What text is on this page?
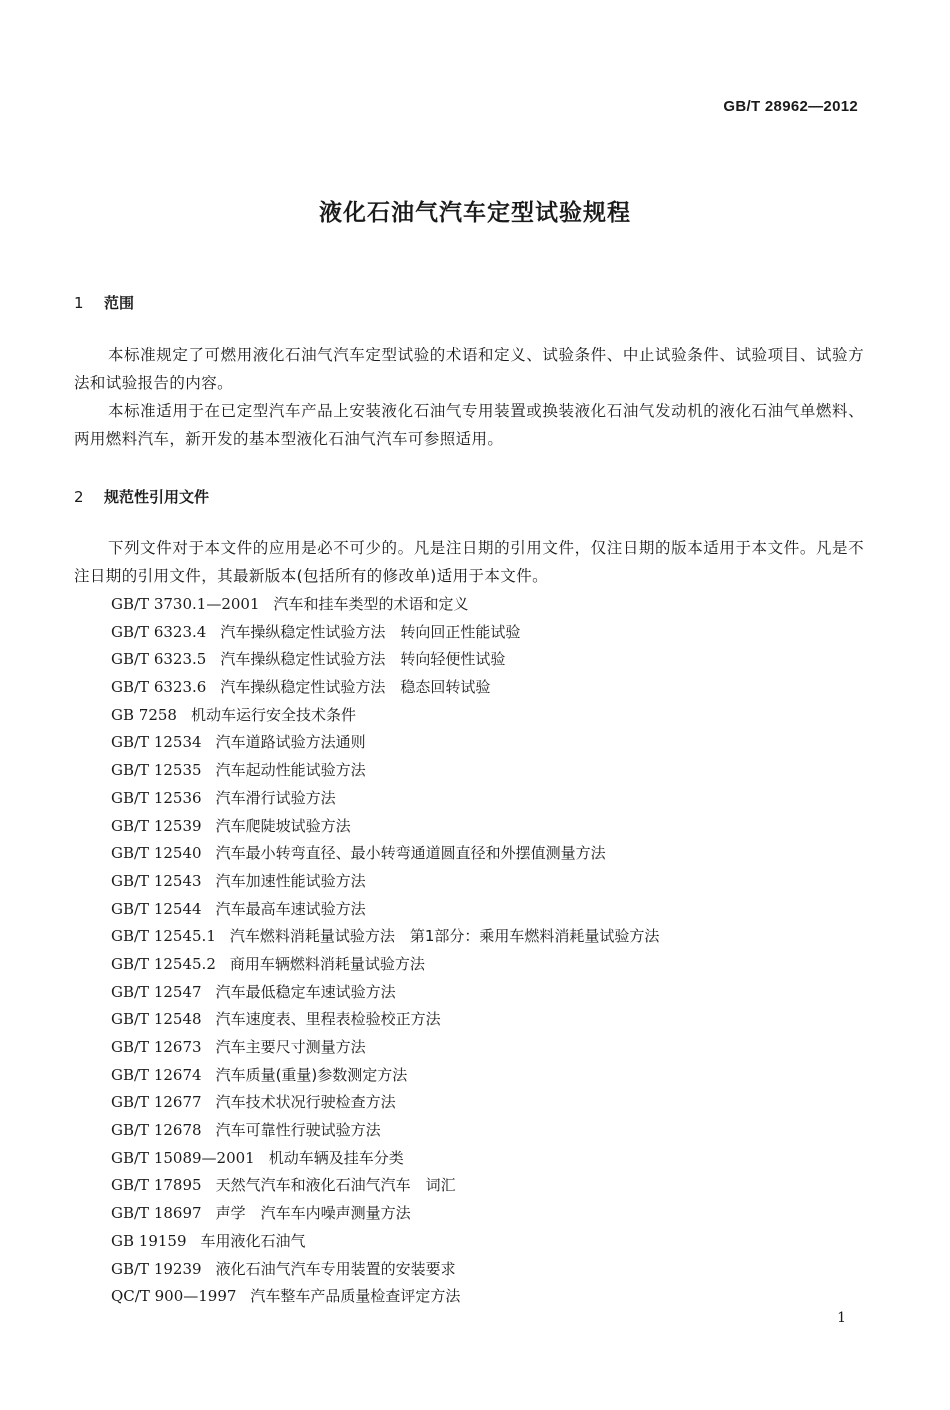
GB/T 28962—2012
液化石油气汽车定型试验规程
1 范围
本标准规定了可燃用液化石油气汽车定型试验的术语和定义、试验条件、中止试验条件、试验项目、试验方法和试验报告的内容。
本标准适用于在已定型汽车产品上安装液化石油气专用装置或换装液化石油气发动机的液化石油气单燃料、两用燃料汽车，新开发的基本型液化石油气汽车可参照适用。
2 规范性引用文件
下列文件对于本文件的应用是必不可少的。凡是注日期的引用文件，仅注日期的版本适用于本文件。凡是不注日期的引用文件，其最新版本(包括所有的修改单)适用于本文件。
GB/T 3730.1—2001 汽车和挂车类型的术语和定义
GB/T 6323.4 汽车操纵稳定性试验方法　转向回正性能试验
GB/T 6323.5 汽车操纵稳定性试验方法　转向轻便性试验
GB/T 6323.6 汽车操纵稳定性试验方法　稳态回转试验
GB 7258 机动车运行安全技术条件
GB/T 12534 汽车道路试验方法通则
GB/T 12535 汽车起动性能试验方法
GB/T 12536 汽车滑行试验方法
GB/T 12539 汽车爬陡坡试验方法
GB/T 12540 汽车最小转弯直径、最小转弯通道圆直径和外摆值测量方法
GB/T 12543 汽车加速性能试验方法
GB/T 12544 汽车最高车速试验方法
GB/T 12545.1 汽车燃料消耗量试验方法　第1部分：乘用车燃料消耗量试验方法
GB/T 12545.2 商用车辆燃料消耗量试验方法
GB/T 12547 汽车最低稳定车速试验方法
GB/T 12548 汽车速度表、里程表检验校正方法
GB/T 12673 汽车主要尺寸测量方法
GB/T 12674 汽车质量(重量)参数测定方法
GB/T 12677 汽车技术状况行驶检查方法
GB/T 12678 汽车可靠性行驶试验方法
GB/T 15089—2001 机动车辆及挂车分类
GB/T 17895 天然气汽车和液化石油气汽车　词汇
GB/T 18697 声学　汽车车内噪声测量方法
GB 19159 车用液化石油气
GB/T 19239 液化石油气汽车专用装置的安装要求
QC/T 900—1997 汽车整车产品质量检查评定方法
1
